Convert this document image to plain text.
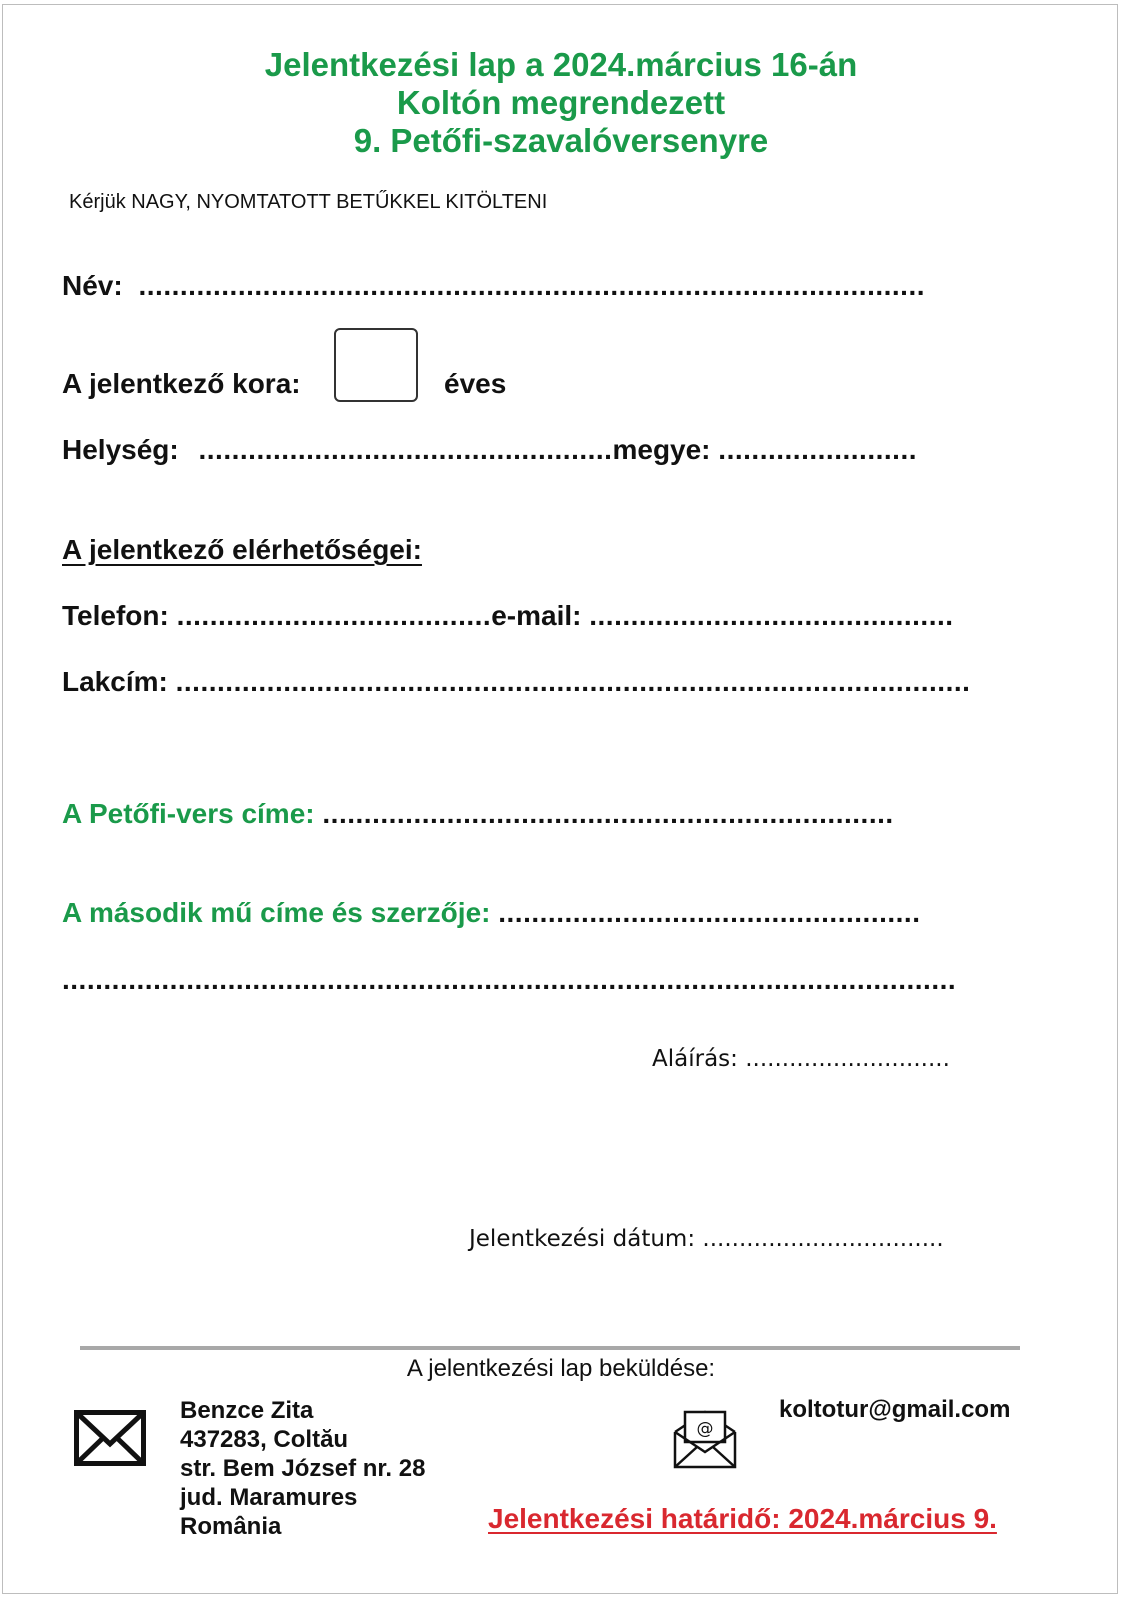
Jelentkezési lap a 2024.március 16-án
Koltón megrendezett
9. Petőfi-szavalóversenyre
Kérjük NAGY, NYOMTATOTT BETŰKKEL KITÖLTENI
Név: ...............................................................................................
A jelentkező kora:	éves
Helység: ..................................................megye: ........................
A jelentkező elérhetőségei:
Telefon: ......................................e-mail: ............................................
Lakcím: ................................................................................................
A Petőfi-vers címe: .....................................................................
A második mű címe és szerzője: ...................................................
............................................................................................................
Aláírás: ............................
Jelentkezési dátum: .................................
A jelentkezési lap beküldése:
Benzce Zita
437283, Coltău
str. Bem József nr. 28
jud. Maramures
România
@
koltotur@gmail.com
Jelentkezési határidő: 2024.március 9.
